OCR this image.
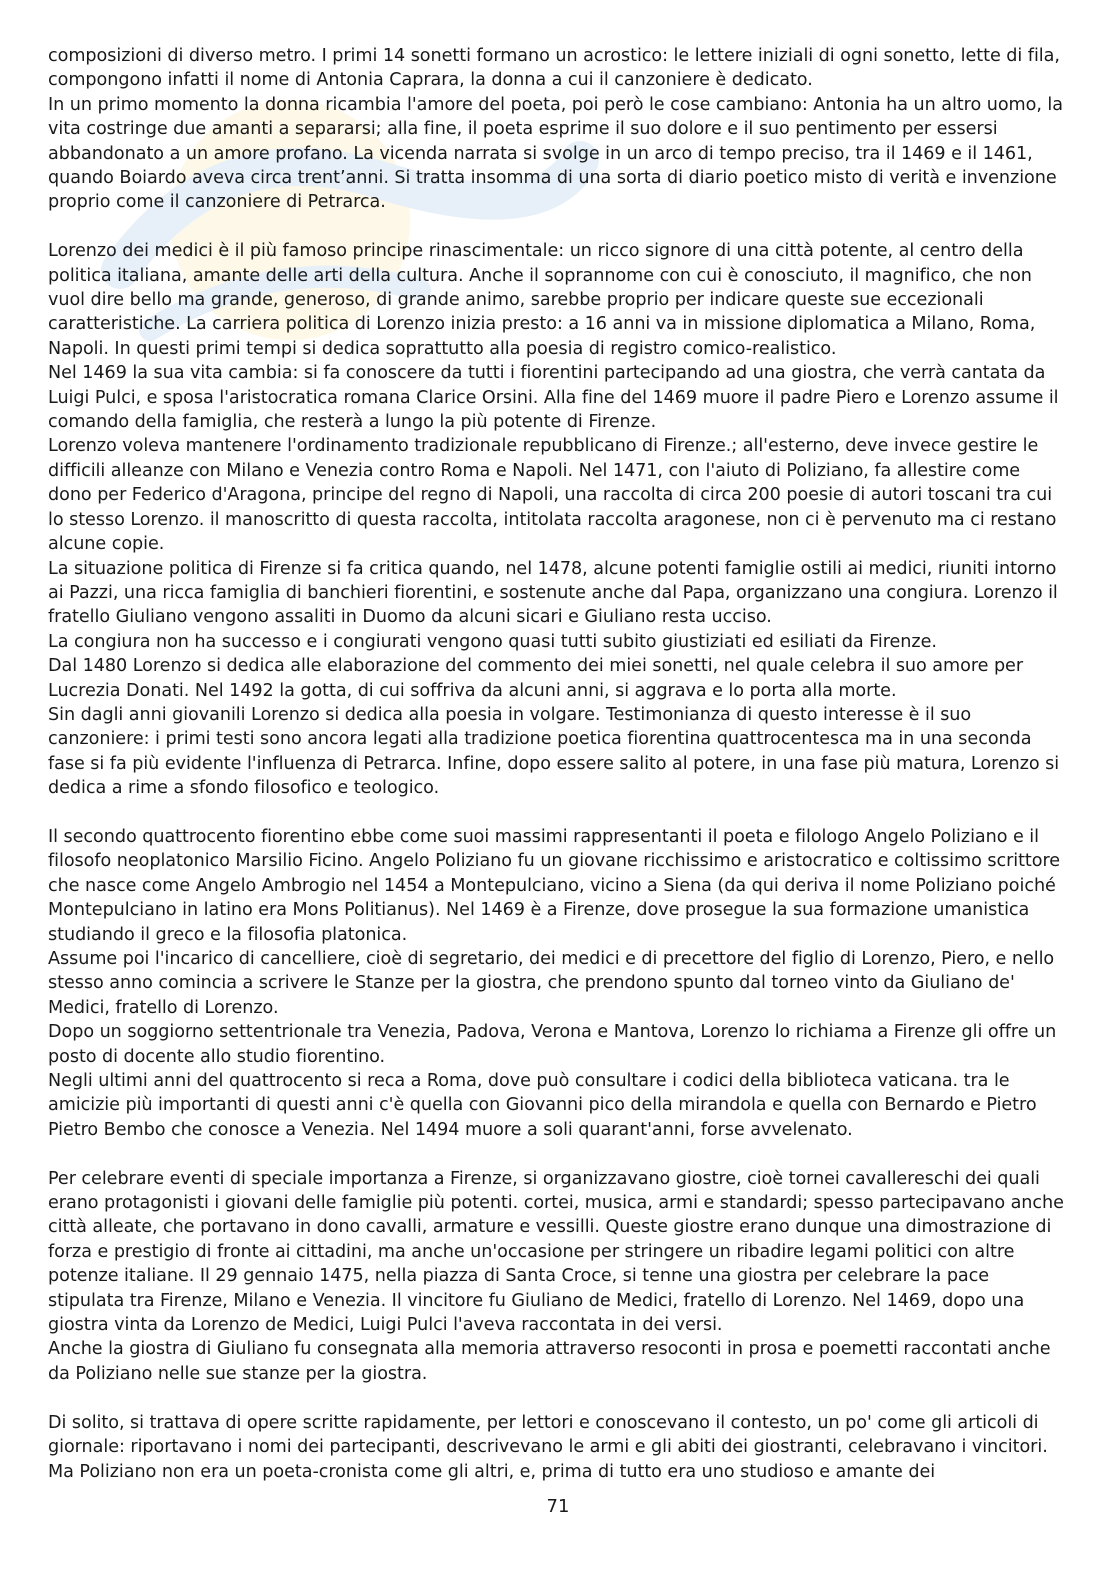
composizioni di diverso metro. I primi 14 sonetti formano un acrostico: le lettere iniziali di ogni sonetto, lette di fila, compongono infatti il nome di Antonia Caprara, la donna a cui il canzoniere è dedicato.

In un primo momento la donna ricambia l'amore del poeta, poi però le cose cambiano: Antonia ha un altro uomo, la vita costringe due amanti a separarsi; alla fine, il poeta esprime il suo dolore e il suo pentimento per essersi abbandonato a un amore profano. La vicenda narrata si svolge in un arco di tempo preciso, tra il 1469 e il 1461, quando Boiardo aveva circa trent’anni. Si tratta insomma di una sorta di diario poetico misto di verità e invenzione proprio come il canzoniere di Petrarca.

Lorenzo dei medici è il più famoso principe rinascimentale: un ricco signore di una città potente, al centro della politica italiana, amante delle arti della cultura. Anche il soprannome con cui è conosciuto, il magnifico, che non vuol dire bello ma grande, generoso, di grande animo, sarebbe proprio per indicare queste sue eccezionali caratteristiche. La carriera politica di Lorenzo inizia presto: a 16 anni va in missione diplomatica a Milano, Roma, Napoli. In questi primi tempi si dedica soprattutto alla poesia di registro comico-realistico.

Nel 1469 la sua vita cambia: si fa conoscere da tutti i fiorentini partecipando ad una giostra, che verrà cantata da Luigi Pulci, e sposa l'aristocratica romana Clarice Orsini. Alla fine del 1469 muore il padre Piero e Lorenzo assume il comando della famiglia, che resterà a lungo la più potente di Firenze.

Lorenzo voleva mantenere l'ordinamento tradizionale repubblicano di Firenze.; all'esterno, deve invece gestire le difficili alleanze con Milano e Venezia contro Roma e Napoli. Nel 1471, con l'aiuto di Poliziano, fa allestire come dono per Federico d'Aragona, principe del regno di Napoli, una raccolta di circa 200 poesie di autori toscani tra cui lo stesso Lorenzo. il manoscritto di questa raccolta, intitolata raccolta aragonese, non ci è pervenuto ma ci restano alcune copie.

La situazione politica di Firenze si fa critica quando, nel 1478, alcune potenti famiglie ostili ai medici, riuniti intorno ai Pazzi, una ricca famiglia di banchieri fiorentini, e sostenute anche dal Papa, organizzano una congiura. Lorenzo il fratello Giuliano vengono assaliti in Duomo da alcuni sicari e Giuliano resta ucciso.

La congiura non ha successo e i congiurati vengono quasi tutti subito giustiziati ed esiliati da Firenze.

Dal 1480 Lorenzo si dedica alle elaborazione del commento dei miei sonetti, nel quale celebra il suo amore per Lucrezia Donati. Nel 1492 la gotta, di cui soffriva da alcuni anni, si aggrava e lo porta alla morte.

Sin dagli anni giovanili Lorenzo si dedica alla poesia in volgare. Testimonianza di questo interesse è il suo canzoniere: i primi testi sono ancora legati alla tradizione poetica fiorentina quattrocentesca ma in una seconda fase si fa più evidente l'influenza di Petrarca. Infine, dopo essere salito al potere, in una fase più matura, Lorenzo si dedica a rime a sfondo filosofico e teologico.

Il secondo quattrocento fiorentino ebbe come suoi massimi rappresentanti il poeta e filologo Angelo Poliziano e il filosofo neoplatonico Marsilio Ficino. Angelo Poliziano fu un giovane ricchissimo e aristocratico e coltissimo scrittore che nasce come Angelo Ambrogio nel 1454 a Montepulciano, vicino a Siena (da qui deriva il nome Poliziano poiché Montepulciano in latino era Mons Politianus). Nel 1469 è a Firenze, dove prosegue la sua formazione umanistica studiando il greco e la filosofia platonica.

Assume poi l'incarico di cancelliere, cioè di segretario, dei medici e di precettore del figlio di Lorenzo, Piero, e nello stesso anno comincia a scrivere le Stanze per la giostra, che prendono spunto dal torneo vinto da Giuliano de' Medici, fratello di Lorenzo.

Dopo un soggiorno settentrionale tra Venezia, Padova, Verona e Mantova, Lorenzo lo richiama a Firenze gli offre un posto di docente allo studio fiorentino.

Negli ultimi anni del quattrocento si reca a Roma, dove può consultare i codici della biblioteca vaticana. tra le amicizie più importanti di questi anni c'è quella con Giovanni pico della mirandola e quella con Bernardo e Pietro Pietro Bembo che conosce a Venezia. Nel 1494 muore a soli quarant'anni, forse avvelenato.

Per celebrare eventi di speciale importanza a Firenze, si organizzavano giostre, cioè tornei cavallereschi dei quali erano protagonisti i giovani delle famiglie più potenti. cortei, musica, armi e standardi; spesso partecipavano anche città alleate, che portavano in dono cavalli, armature e vessilli. Queste giostre erano dunque una dimostrazione di forza e prestigio di fronte ai cittadini, ma anche un'occasione per stringere un ribadire legami politici con altre potenze italiane. Il 29 gennaio 1475, nella piazza di Santa Croce, si tenne una giostra per celebrare la pace stipulata tra Firenze, Milano e Venezia. Il vincitore fu Giuliano de Medici, fratello di Lorenzo. Nel 1469, dopo una giostra vinta da Lorenzo de Medici, Luigi Pulci l'aveva raccontata in dei versi.

Anche la giostra di Giuliano fu consegnata alla memoria attraverso resoconti in prosa e poemetti raccontati anche da Poliziano nelle sue stanze per la giostra.

Di solito, si trattava di opere scritte rapidamente, per lettori e conoscevano il contesto, un po' come gli articoli di giornale: riportavano i nomi dei partecipanti, descrivevano le armi e gli abiti dei giostranti, celebravano i vincitori. Ma Poliziano non era un poeta-cronista come gli altri, e, prima di tutto era uno studioso e amante dei

71
